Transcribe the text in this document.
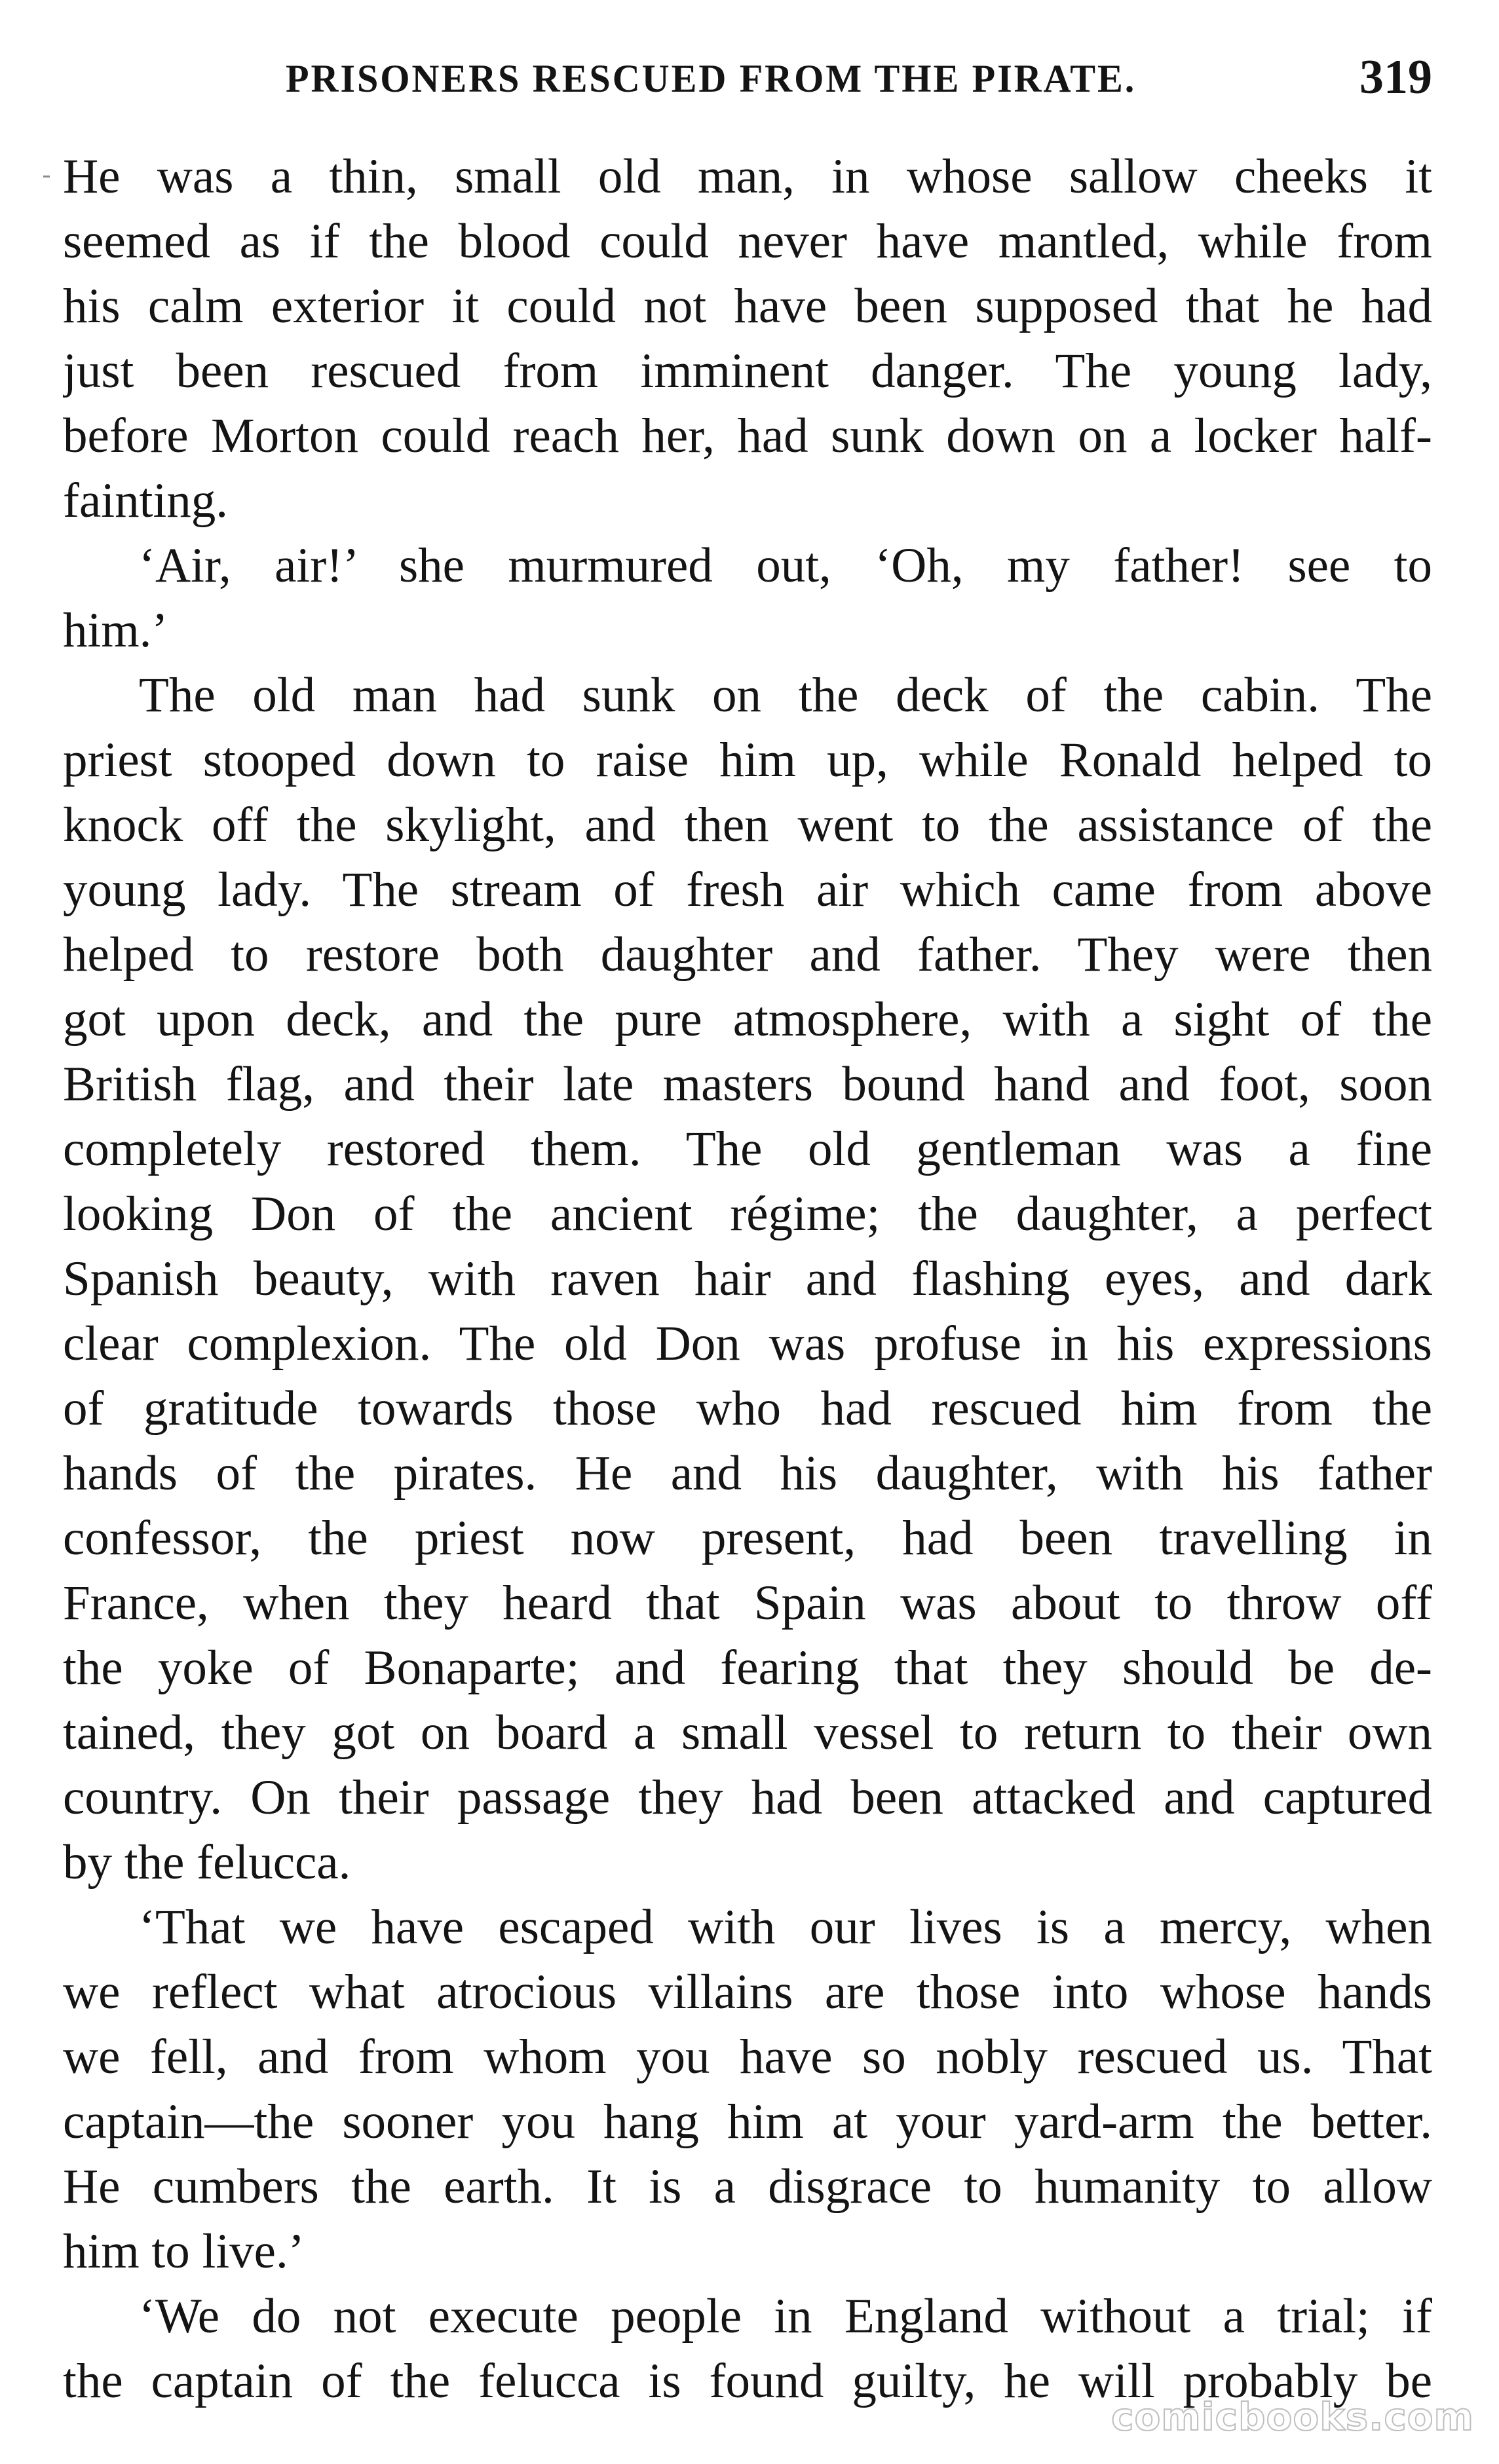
PRISONERS RESCUED FROM THE PIRATE.	319
He was a thin, small old man, in whose sallow cheeks it
seemed as if the blood could never have mantled, while from
his calm exterior it could not have been supposed that he had
just been rescued from imminent danger. The young lady,
before Morton could reach her, had sunk down on a locker half-
fainting.
‘Air, air!’ she murmured out, ‘Oh, my father! see to
him.’
The old man had sunk on the deck of the cabin. The
priest stooped down to raise him up, while Ronald helped to
knock off the skylight, and then went to the assistance of the
young lady. The stream of fresh air which came from above
helped to restore both daughter and father. They were then
got upon deck, and the pure atmosphere, with a sight of the
British flag, and their late masters bound hand and foot, soon
completely restored them. The old gentleman was a fine
looking Don of the ancient régime; the daughter, a perfect
Spanish beauty, with raven hair and flashing eyes, and dark
clear complexion. The old Don was profuse in his expressions
of gratitude towards those who had rescued him from the
hands of the pirates. He and his daughter, with his father
confessor, the priest now present, had been travelling in
France, when they heard that Spain was about to throw off
the yoke of Bonaparte; and fearing that they should be de-
tained, they got on board a small vessel to return to their own
country. On their passage they had been attacked and captured
by the felucca.
‘That we have escaped with our lives is a mercy, when
we reflect what atrocious villains are those into whose hands
we fell, and from whom you have so nobly rescued us. That
captain—the sooner you hang him at your yard-arm the better.
He cumbers the earth. It is a disgrace to humanity to allow
him to live.’
‘We do not execute people in England without a trial; if
the captain of the felucca is found guilty, he will probably be
comicbooks.com
